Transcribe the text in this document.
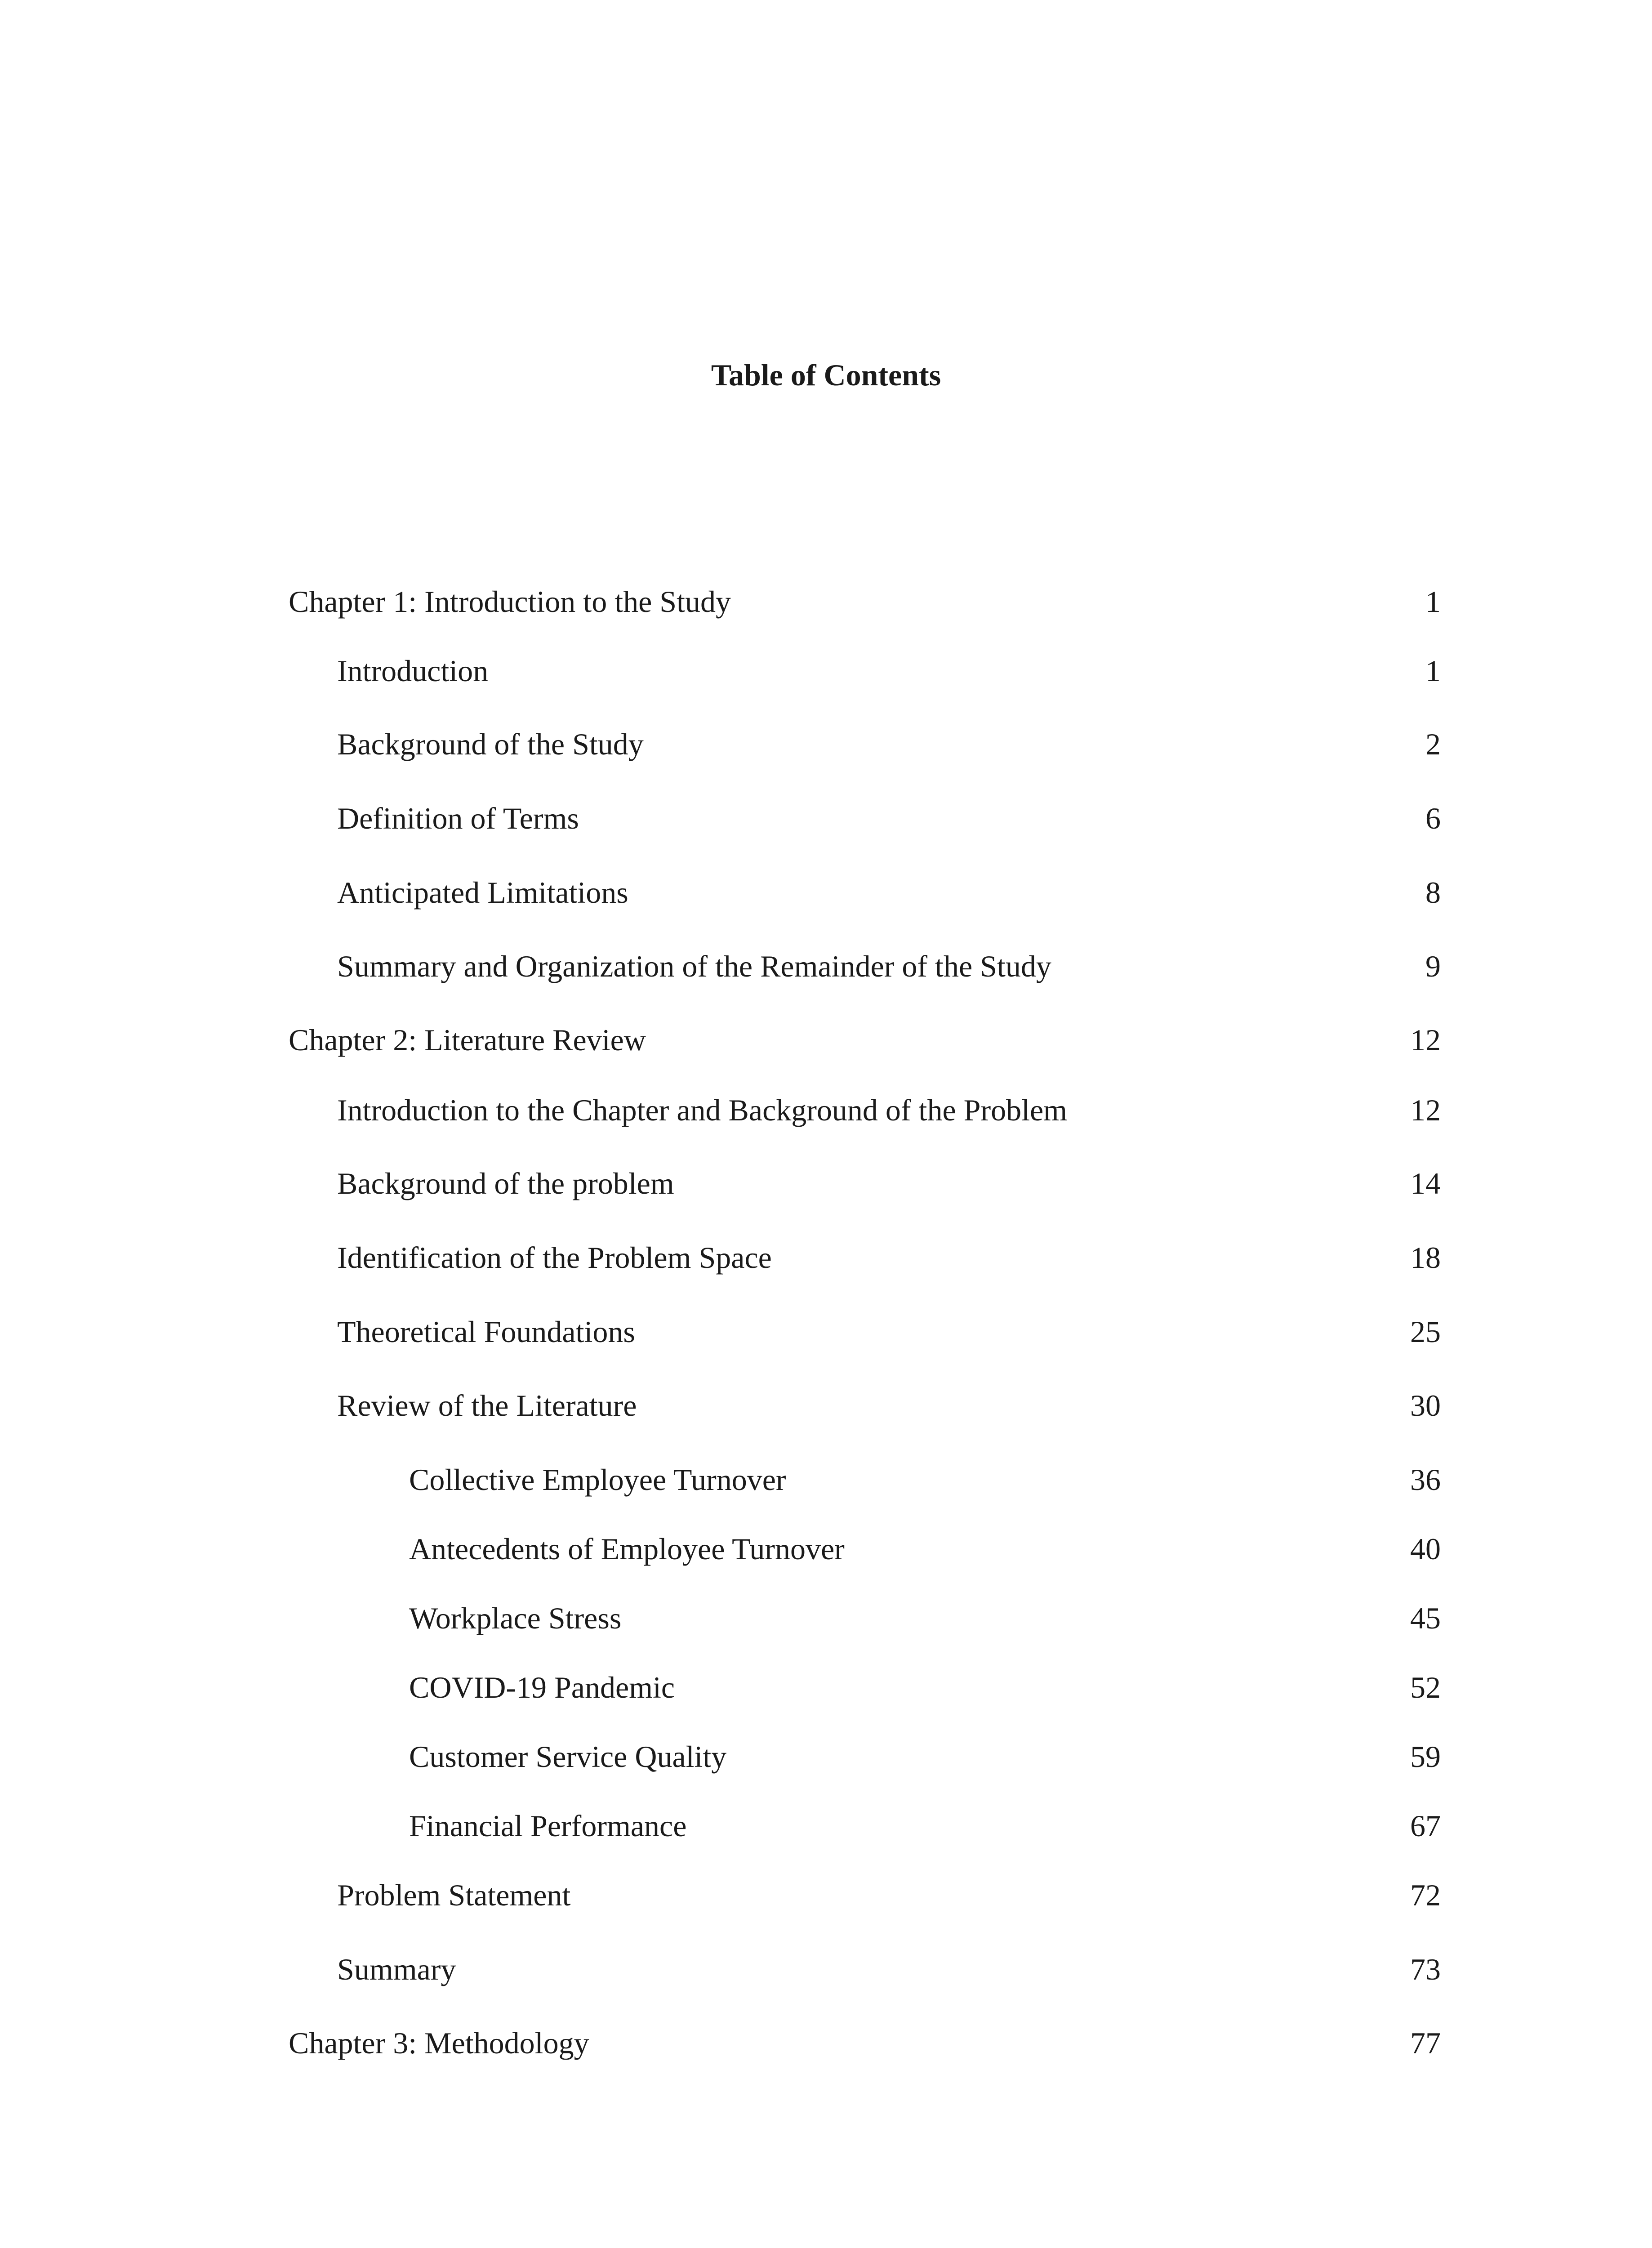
Table of Contents
Chapter 1: Introduction to the Study	1
Introduction	1
Background of the Study	2
Definition of Terms	6
Anticipated Limitations	8
Summary and Organization of the Remainder of the Study	9
Chapter 2: Literature Review	12
Introduction to the Chapter and Background of the Problem	12
Background of the problem	14
Identification of the Problem Space	18
Theoretical Foundations	25
Review of the Literature	30
Collective Employee Turnover	36
Antecedents of Employee Turnover	40
Workplace Stress	45
COVID-19 Pandemic	52
Customer Service Quality	59
Financial Performance	67
Problem Statement	72
Summary	73
Chapter 3: Methodology	77
